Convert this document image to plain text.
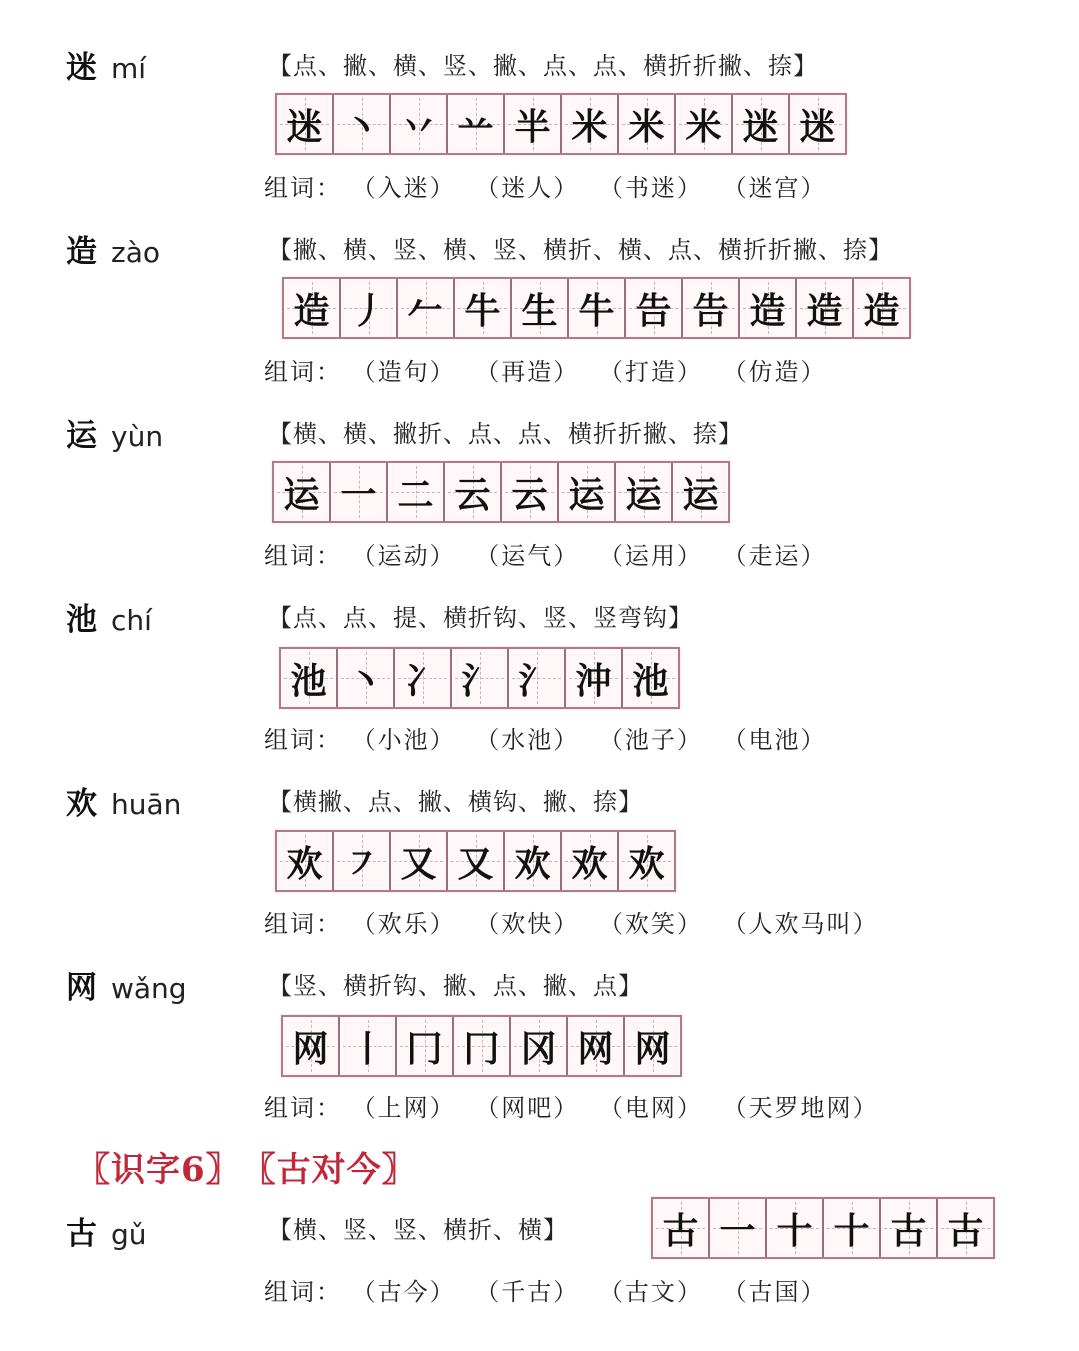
迷 mí	【点、撇、横、竖、撇、点、点、横折折撇、捺】
迷 丶 丷 䒑 半 米 米 米 迷 迷
组词： （入迷） （迷人） （书迷） （迷宫）
造 zào	【撇、横、竖、横、竖、横折、横、点、横折折撇、捺】
造 丿 𠂉 牛 生 牛 告 告 造 造 造
组词： （造句） （再造） （打造） （仿造）
运 yùn	【横、横、撇折、点、点、横折折撇、捺】
运 一 二 云 云 运 运 运
组词： （运动） （运气） （运用） （走运）
池 chí	【点、点、提、横折钩、竖、竖弯钩】
池 丶 冫 氵 氵 沖 池
组词： （小池） （水池） （池子） （电池）
欢 huān	【横撇、点、撇、横钩、撇、捺】
欢 ㇇ 又 又 欢 欢 欢
组词： （欢乐） （欢快） （欢笑） （人欢马叫）
网 wǎng	【竖、横折钩、撇、点、撇、点】
网 丨 冂 冂 冈 网 网
组词： （上网） （网吧） （电网） （天罗地网）
〖识字6〗 〖古对今〗
古 gǔ	【横、竖、竖、横折、横】	古 一 十 十 古 古
组词： （古今） （千古） （古文） （古国）
